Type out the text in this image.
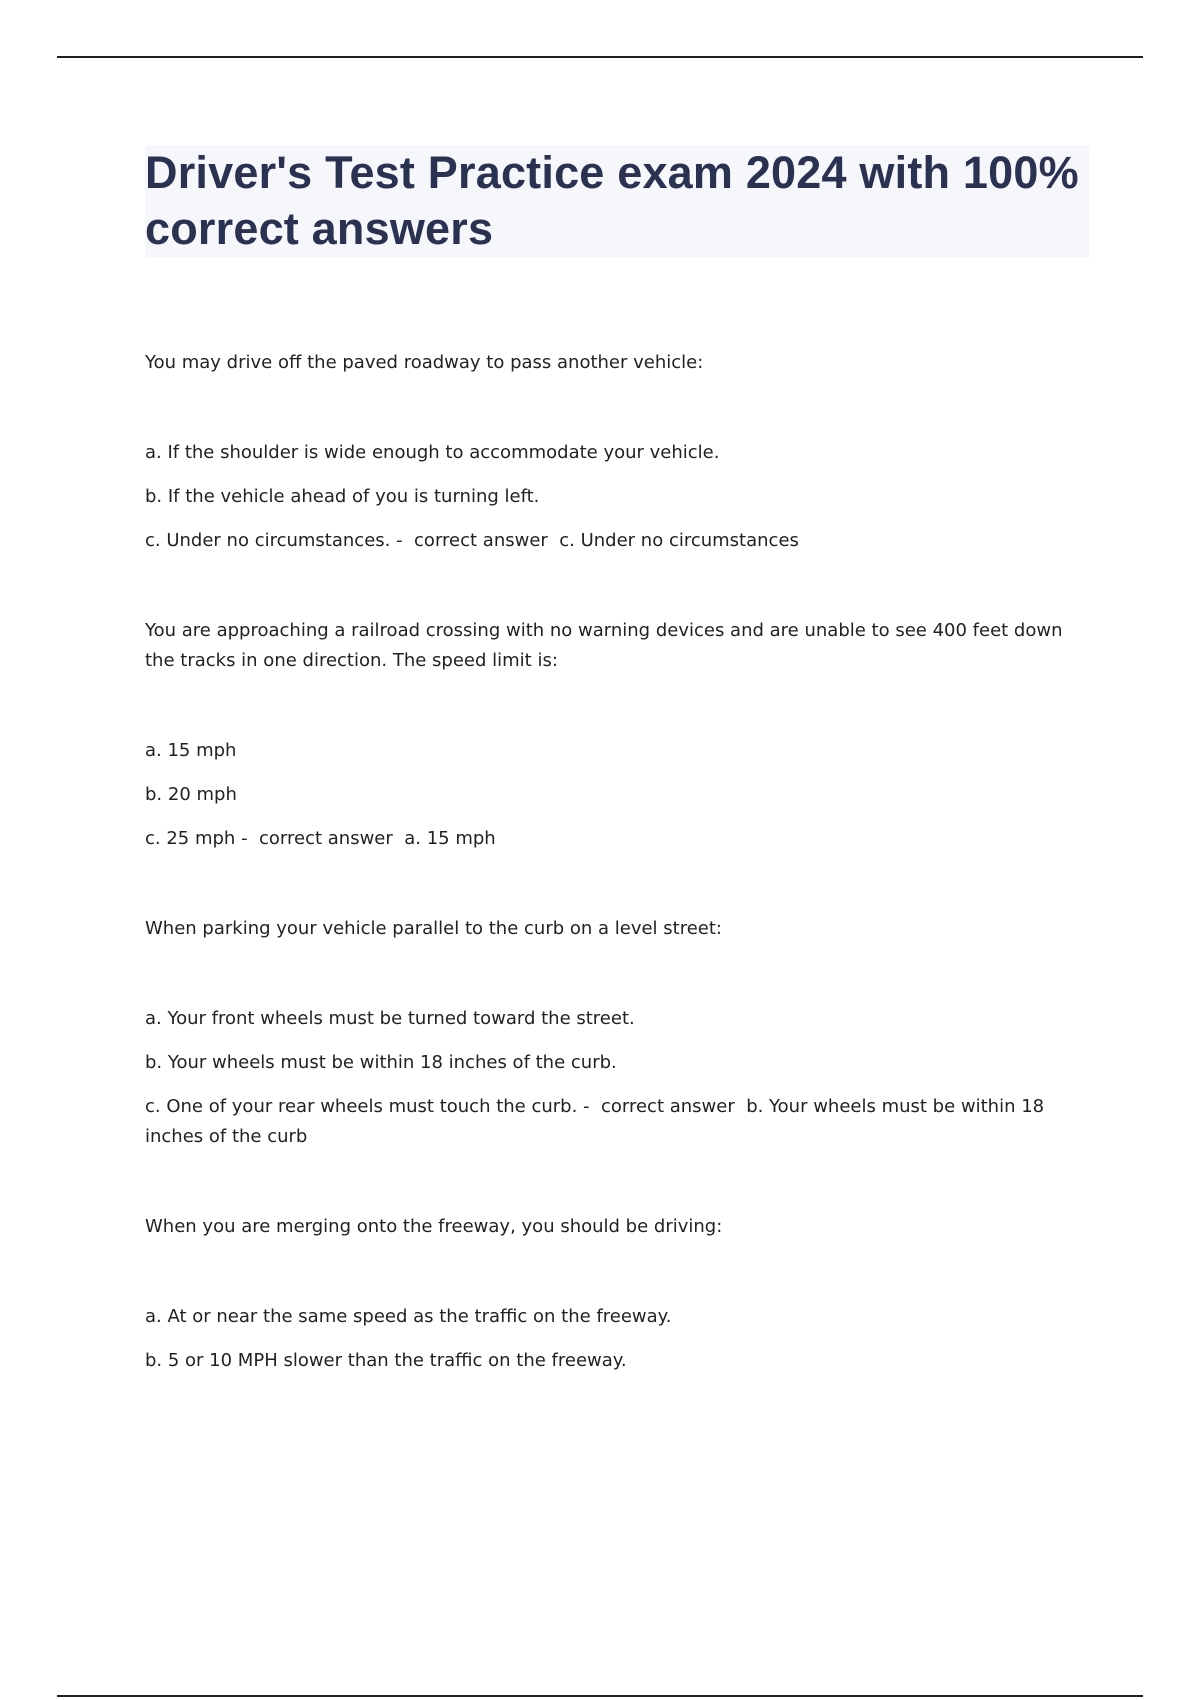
Driver's Test Practice exam 2024 with 100% correct answers

You may drive off the paved roadway to pass another vehicle:

a. If the shoulder is wide enough to accommodate your vehicle.

b. If the vehicle ahead of you is turning left.

c. Under no circumstances. -  correct answer  c. Under no circumstances

You are approaching a railroad crossing with no warning devices and are unable to see 400 feet down the tracks in one direction. The speed limit is:

a. 15 mph

b. 20 mph

c. 25 mph -  correct answer  a. 15 mph

When parking your vehicle parallel to the curb on a level street:

a. Your front wheels must be turned toward the street.

b. Your wheels must be within 18 inches of the curb.

c. One of your rear wheels must touch the curb. -  correct answer  b. Your wheels must be within 18 inches of the curb

When you are merging onto the freeway, you should be driving:

a. At or near the same speed as the traffic on the freeway.

b. 5 or 10 MPH slower than the traffic on the freeway.
